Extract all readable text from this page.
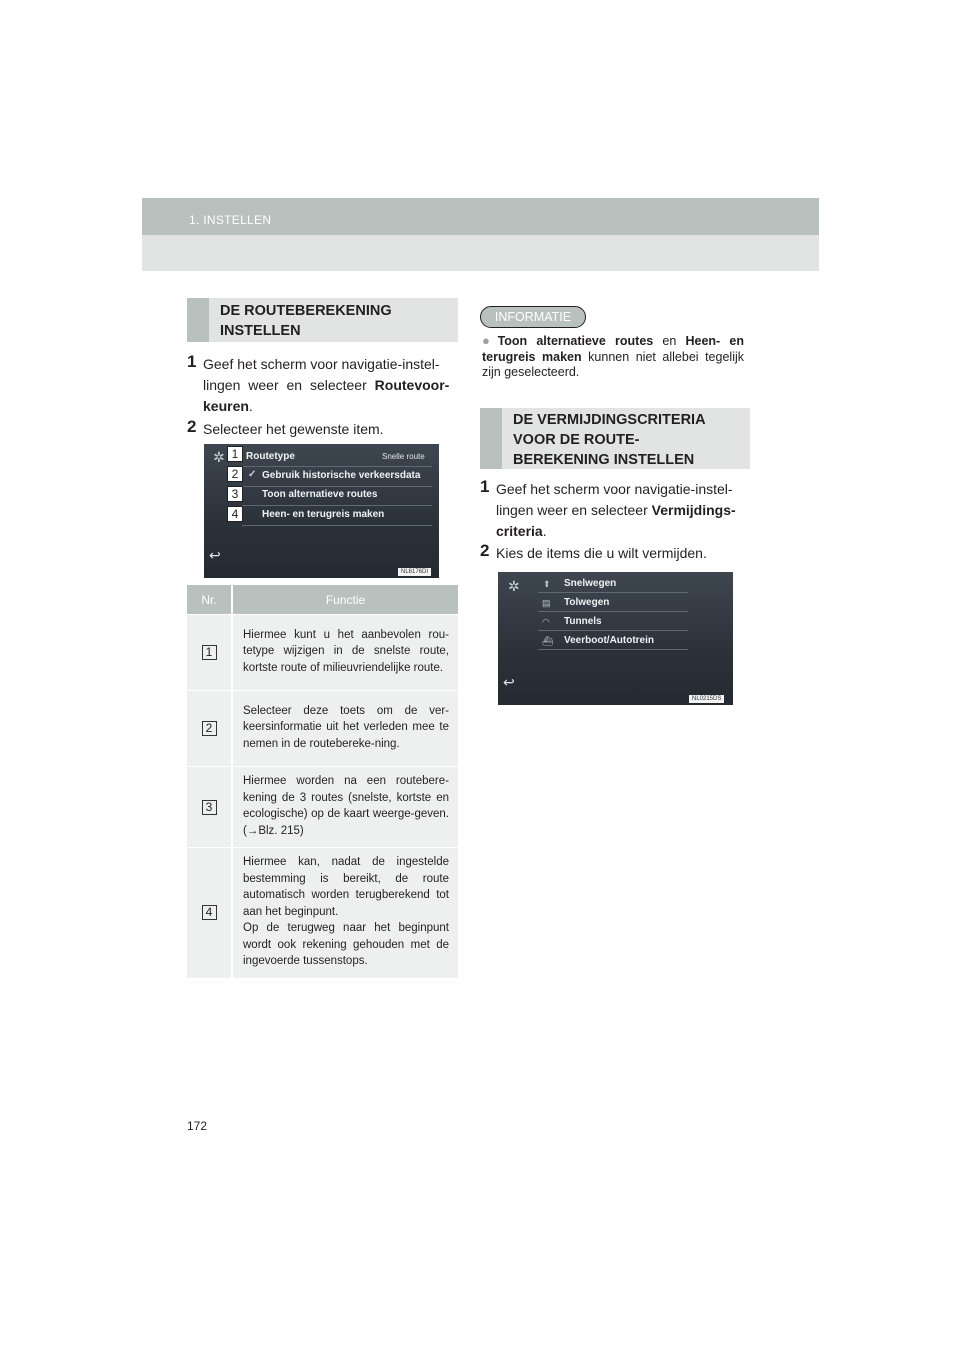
1. INSTELLEN
DE ROUTEBEREKENING
INSTELLEN
1 Geef het scherm voor navigatie-instel-
lingen weer en selecteer Routevoor-
keuren.
2 Selecteer het gewenste item.
✲ Routetype	Snelle route
✓ Gebruik historische verkeersdata
Toon alternatieve routes
Heen- en terugreis maken
↩
NL6176DI
1
2
3
4
Nr.	Functie
1	Hiermee kunt u het aanbevolen rou-tetype wijzigen in de snelste route, kortste route of milieuvriendelijke route.
2	Selecteer deze toets om de ver-keersinformatie uit het verleden mee te nemen in de routebereke-ning.
3	Hiermee worden na een routebere-kening de 3 routes (snelste, kortste en ecologische) op de kaart weerge-geven. (→Blz. 215)
4	Hiermee kan, nadat de ingestelde bestemming is bereikt, de route automatisch worden terugberekend tot aan het beginpunt.
Op de terugweg naar het beginpunt wordt ook rekening gehouden met de ingevoerde tussenstops.
INFORMATIE
● Toon alternatieve routes en Heen- en terugreis maken kunnen niet allebei tegelijk zijn geselecteerd.
DE VERMIJDINGSCRITERIA
VOOR DE ROUTE-
BEREKENING INSTELLEN
1 Geef het scherm voor navigatie-instel-
lingen weer en selecteer Vermijdings-
criteria.
2 Kies de items die u wilt vermijden.
✲	⬆ Snelwegen
▤ Tolwegen
◠ Tunnels
⛴ Veerboot/Autotrein
↩
NL0215DS
172
